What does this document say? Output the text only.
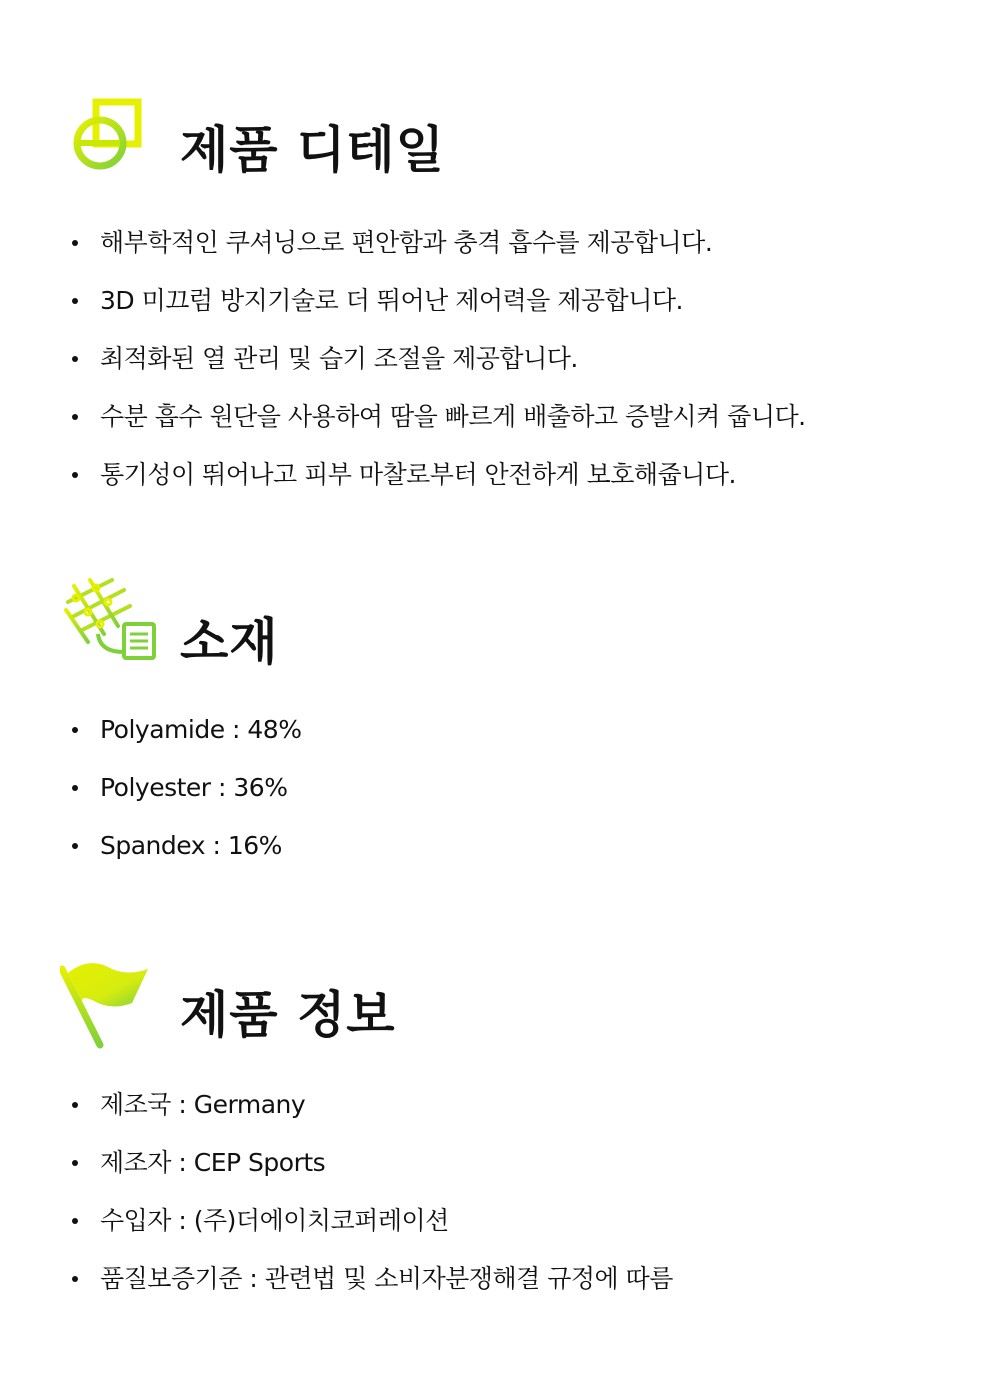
제품 디테일
해부학적인 쿠셔닝으로 편안함과 충격 흡수를 제공합니다.
3D 미끄럼 방지기술로 더 뛰어난 제어력을 제공합니다.
최적화된 열 관리 및 습기 조절을 제공합니다.
수분 흡수 원단을 사용하여 땀을 빠르게 배출하고 증발시켜 줍니다.
통기성이 뛰어나고 피부 마찰로부터 안전하게 보호해줍니다.
소재
Polyamide : 48%
Polyester : 36%
Spandex : 16%
제품 정보
제조국 : Germany
제조자 : CEP Sports
수입자 : (주)더에이치코퍼레이션
품질보증기준 : 관련법 및 소비자분쟁해결 규정에 따름
